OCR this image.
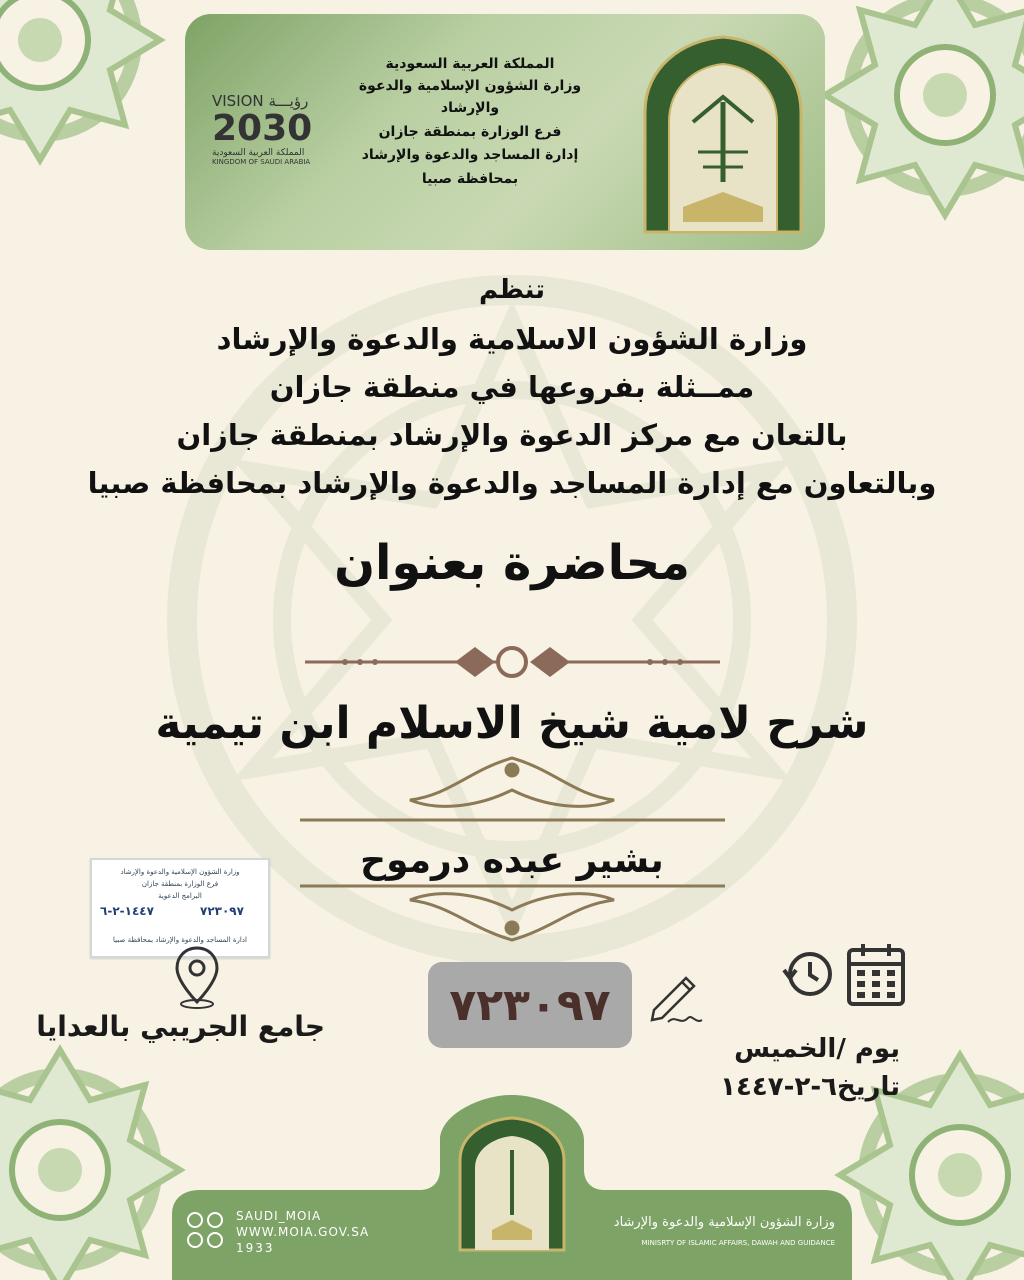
المملكة العربية السعودية
وزارة الشؤون الإسلامية والدعوة
والإرشاد
فرع الوزارة بمنطقة جازان
إدارة المساجد والدعوة والإرشاد
بمحافظة صبيا
VISION رؤيـــة
2030
المملكة العربية السعودية
KINGDOM OF SAUDI ARABIA
تنظم
وزارة الشؤون الاسلامية والدعوة والإرشاد
ممــثلة بفروعها في منطقة جازان
بالتعان مع مركز الدعوة والإرشاد بمنطقة جازان
وبالتعاون مع إدارة المساجد والدعوة والإرشاد بمحافظة صبيا
محاضرة بعنوان
شرح لامية شيخ الاسلام ابن تيمية
بشير عبده درموح
وزارة الشؤون الإسلامية والدعوة والإرشاد
فرع الوزارة بمنطقة جازان
البرامج الدعوية
٧٢٣٠٩٧
١٤٤٧-٢-٦
ادارة المساجد والدعوة والإرشاد بمحافظة صبيا
جامع الجريبي بالعدايا	٧٢٣٠٩٧
يوم /الخميس
تاريخ٦-٢-١٤٤٧
SAUDI_MOIA
WWW.MOIA.GOV.SA
1933
وزارة الشؤون الإسلامية والدعوة والإرشاد
MINISRTY OF ISLAMIC AFFAIRS, DAWAH AND GUIDANCE
